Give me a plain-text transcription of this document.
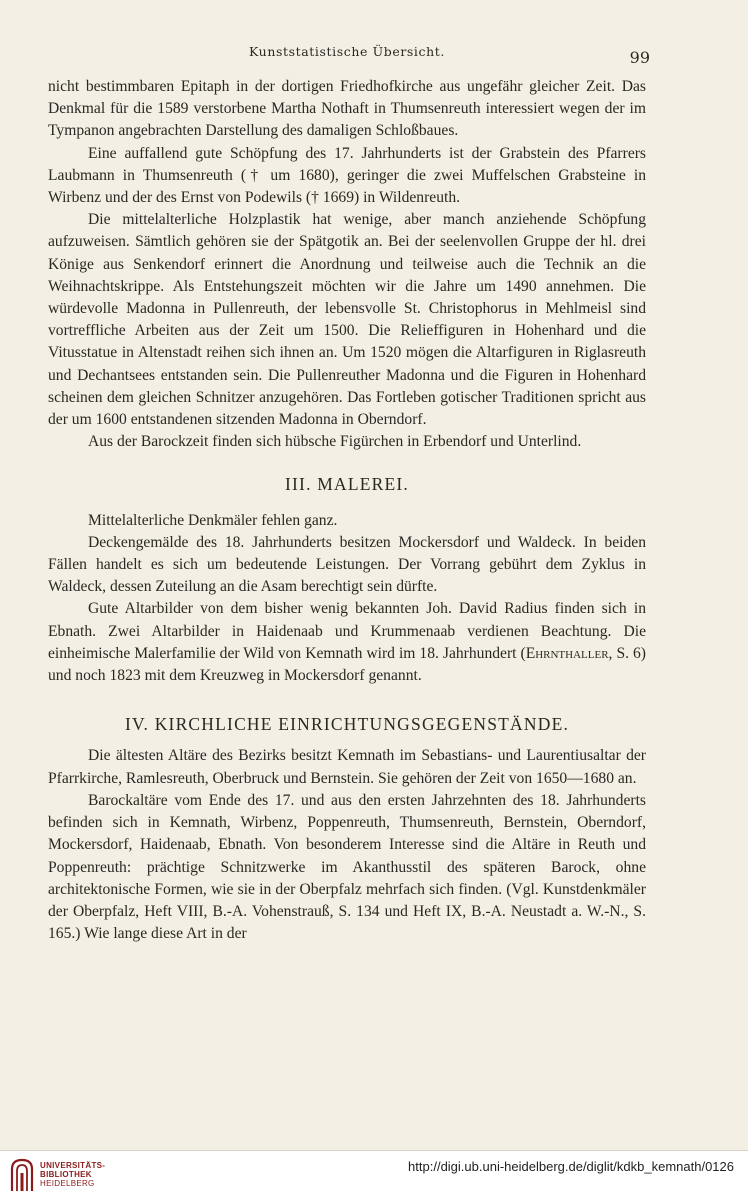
Kunststatistische Übersicht.	99

nicht bestimmbaren Epitaph in der dortigen Friedhofkirche aus ungefähr gleicher Zeit. Das Denkmal für die 1589 verstorbene Martha Nothaft in Thumsenreuth interessiert wegen der im Tympanon angebrachten Darstellung des damaligen Schloßbaues.

Eine auffallend gute Schöpfung des 17. Jahrhunderts ist der Grabstein des Pfarrers Laubmann in Thumsenreuth († um 1680), geringer die zwei Muffelschen Grabsteine in Wirbenz und der des Ernst von Podewils († 1669) in Wildenreuth.

Die mittelalterliche Holzplastik hat wenige, aber manch anziehende Schöpfung aufzuweisen. Sämtlich gehören sie der Spätgotik an. Bei der seelenvollen Gruppe der hl. drei Könige aus Senkendorf erinnert die Anordnung und teilweise auch die Technik an die Weihnachtskrippe. Als Entstehungszeit möchten wir die Jahre um 1490 annehmen. Die würdevolle Madonna in Pullenreuth, der lebensvolle St. Christophorus in Mehlmeisl sind vortreffliche Arbeiten aus der Zeit um 1500. Die Relieffiguren in Hohenhard und die Vitusstatue in Altenstadt reihen sich ihnen an. Um 1520 mögen die Altarfiguren in Riglasreuth und Dechantsees entstanden sein. Die Pullenreuther Madonna und die Figuren in Hohenhard scheinen dem gleichen Schnitzer anzugehören. Das Fortleben gotischer Traditionen spricht aus der um 1600 entstandenen sitzenden Madonna in Oberndorf.

Aus der Barockzeit finden sich hübsche Figürchen in Erbendorf und Unterlind.

III. MALEREI.

Mittelalterliche Denkmäler fehlen ganz.

Deckengemälde des 18. Jahrhunderts besitzen Mockersdorf und Waldeck. In beiden Fällen handelt es sich um bedeutende Leistungen. Der Vorrang gebührt dem Zyklus in Waldeck, dessen Zuteilung an die Asam berechtigt sein dürfte.

Gute Altarbilder von dem bisher wenig bekannten Joh. David Radius finden sich in Ebnath. Zwei Altarbilder in Haidenaab und Krummenaab verdienen Beachtung. Die einheimische Malerfamilie der Wild von Kemnath wird im 18. Jahrhundert (Ehrnthaller, S. 6) und noch 1823 mit dem Kreuzweg in Mockersdorf genannt.

IV. KIRCHLICHE EINRICHTUNGSGEGENSTÄNDE.

Die ältesten Altäre des Bezirks besitzt Kemnath im Sebastians- und Laurentiusaltar der Pfarrkirche, Ramlesreuth, Oberbruck und Bernstein. Sie gehören der Zeit von 1650—1680 an.

Barockaltäre vom Ende des 17. und aus den ersten Jahrzehnten des 18. Jahrhunderts befinden sich in Kemnath, Wirbenz, Poppenreuth, Thumsenreuth, Bernstein, Oberndorf, Mockersdorf, Haidenaab, Ebnath. Von besonderem Interesse sind die Altäre in Reuth und Poppenreuth: prächtige Schnitzwerke im Akanthusstil des späteren Barock, ohne architektonische Formen, wie sie in der Oberpfalz mehrfach sich finden. (Vgl. Kunstdenkmäler der Oberpfalz, Heft VIII, B.-A. Vohenstrauß, S. 134 und Heft IX, B.-A. Neustadt a. W.-N., S. 165.) Wie lange diese Art in der

UNIVERSITÄTS-
BIBLIOTHEK
HEIDELBERG
http://digi.ub.uni-heidelberg.de/diglit/kdkb_kemnath/0126
